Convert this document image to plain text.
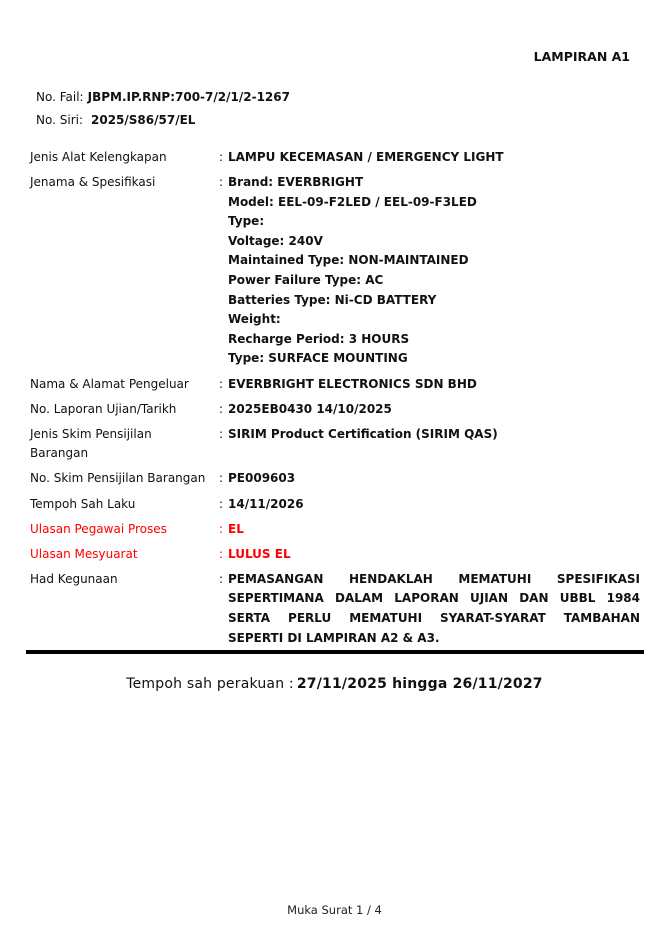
LAMPIRAN A1
No. Fail: JBPM.IP.RNP:700-7/2/1/2-1267
No. Siri: 2025/S86/57/EL
Jenis Alat Kelengkapan	: LAMPU KECEMASAN / EMERGENCY LIGHT
Jenama & Spesifikasi	: Brand: EVERBRIGHT
Model: EEL-09-F2LED / EEL-09-F3LED
Type:
Voltage: 240V
Maintained Type: NON-MAINTAINED
Power Failure Type: AC
Batteries Type: Ni-CD BATTERY
Weight:
Recharge Period: 3 HOURS
Type: SURFACE MOUNTING
Nama & Alamat Pengeluar	: EVERBRIGHT ELECTRONICS SDN BHD
No. Laporan Ujian/Tarikh	: 2025EB0430 14/10/2025
Jenis Skim Pensijilan Barangan
: SIRIM Product Certification (SIRIM QAS)
No. Skim Pensijilan Barangan	: PE009603
Tempoh Sah Laku	: 14/11/2026
Ulasan Pegawai Proses	: EL
Ulasan Mesyuarat	: LULUS EL
Had Kegunaan	: PEMASANGAN HENDAKLAH MEMATUHI SPESIFIKASI SEPERTIMANA DALAM LAPORAN UJIAN DAN UBBL 1984 SERTA PERLU MEMATUHI SYARAT-SYARAT TAMBAHAN SEPERTI DI LAMPIRAN A2 & A3.
Tempoh sah perakuan : 27/11/2025 hingga 26/11/2027
Muka Surat 1 / 4
